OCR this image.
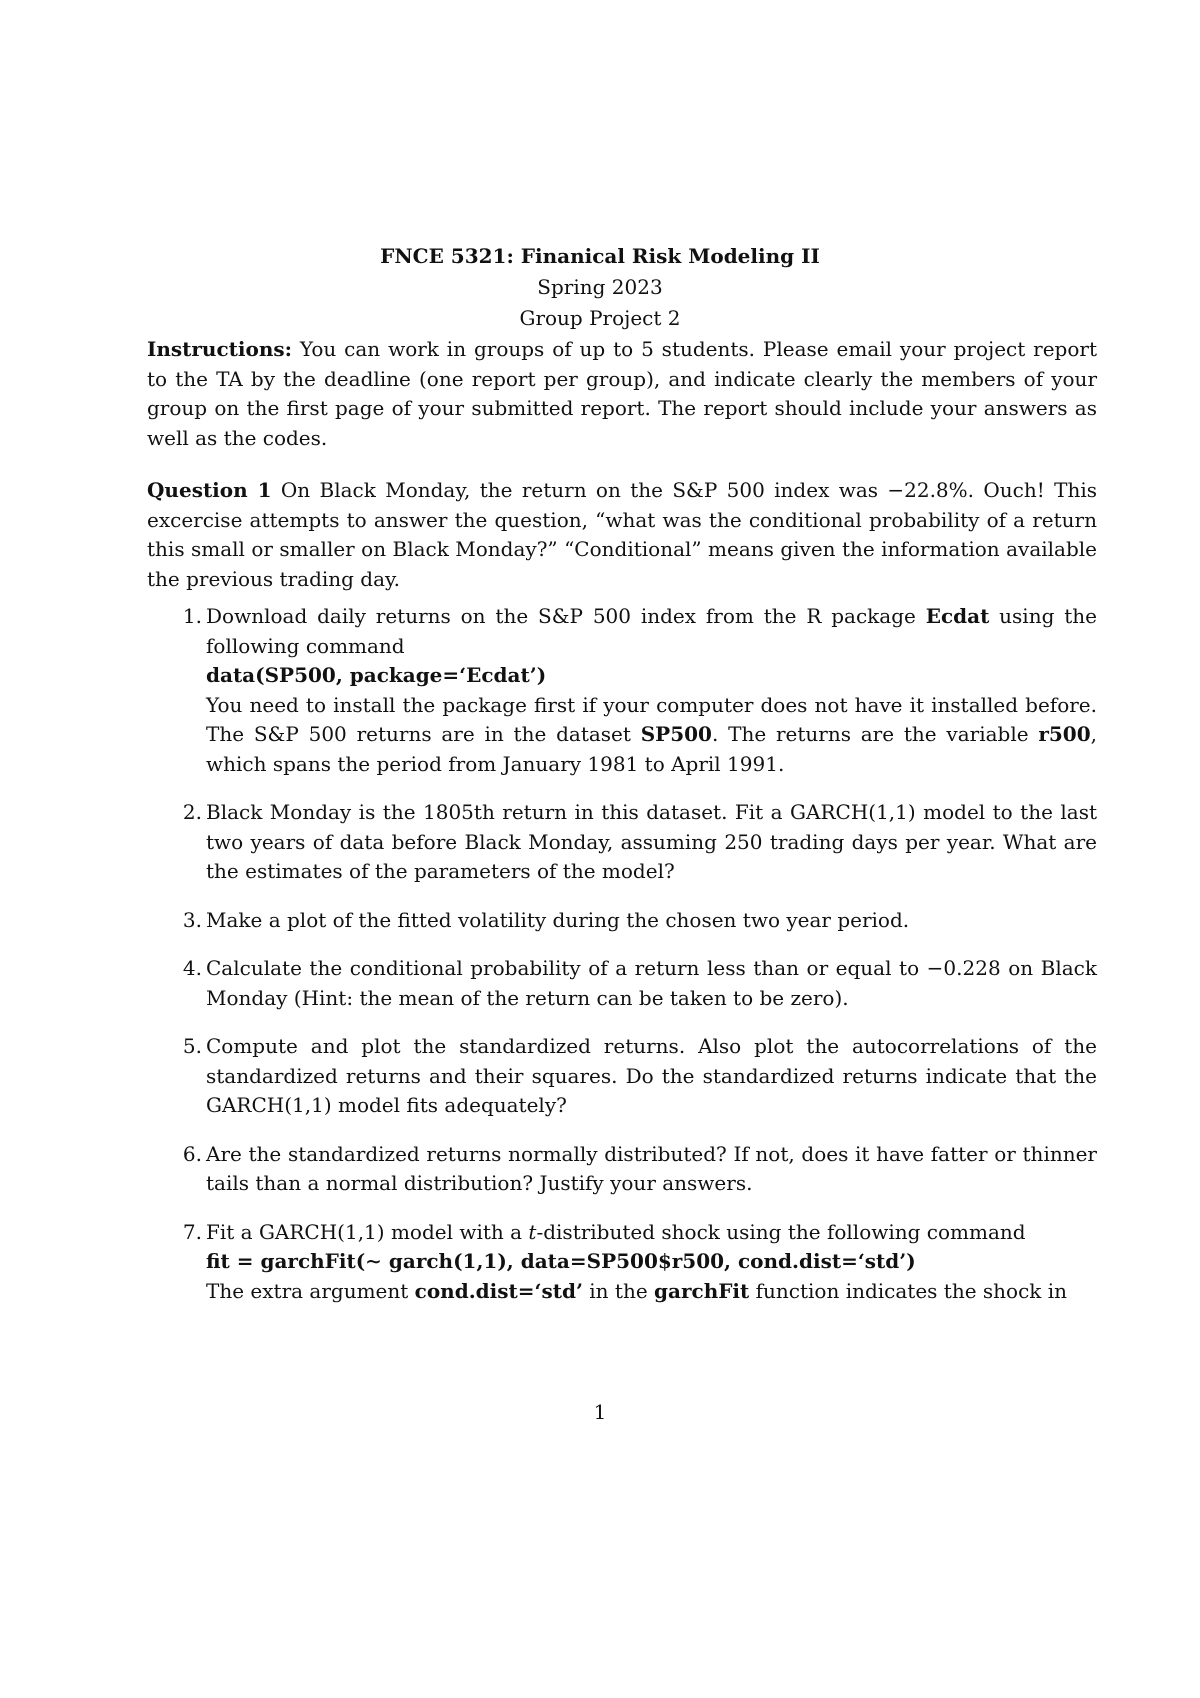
FNCE 5321: Finanical Risk Modeling II
Spring 2023
Group Project 2
Instructions: You can work in groups of up to 5 students. Please email your project report to the TA by the deadline (one report per group), and indicate clearly the members of your group on the first page of your submitted report. The report should include your answers as well as the codes.
Question 1 On Black Monday, the return on the S&P 500 index was −22.8%. Ouch! This excercise attempts to answer the question, “what was the conditional probability of a return this small or smaller on Black Monday?” “Conditional” means given the information available the previous trading day.
1. Download daily returns on the S&P 500 index from the R package Ecdat using the following command
data(SP500, package=‘Ecdat’)
You need to install the package first if your computer does not have it installed before. The S&P 500 returns are in the dataset SP500. The returns are the variable r500, which spans the period from January 1981 to April 1991.
2. Black Monday is the 1805th return in this dataset. Fit a GARCH(1,1) model to the last two years of data before Black Monday, assuming 250 trading days per year. What are the estimates of the parameters of the model?
3. Make a plot of the fitted volatility during the chosen two year period.
4. Calculate the conditional probability of a return less than or equal to −0.228 on Black Monday (Hint: the mean of the return can be taken to be zero).
5. Compute and plot the standardized returns. Also plot the autocorrelations of the standardized returns and their squares. Do the standardized returns indicate that the GARCH(1,1) model fits adequately?
6. Are the standardized returns normally distributed? If not, does it have fatter or thinner tails than a normal distribution? Justify your answers.
7. Fit a GARCH(1,1) model with a t-distributed shock using the following command
fit = garchFit(∼ garch(1,1), data=SP500$r500, cond.dist=‘std’)
The extra argument cond.dist=‘std’ in the garchFit function indicates the shock in
1
